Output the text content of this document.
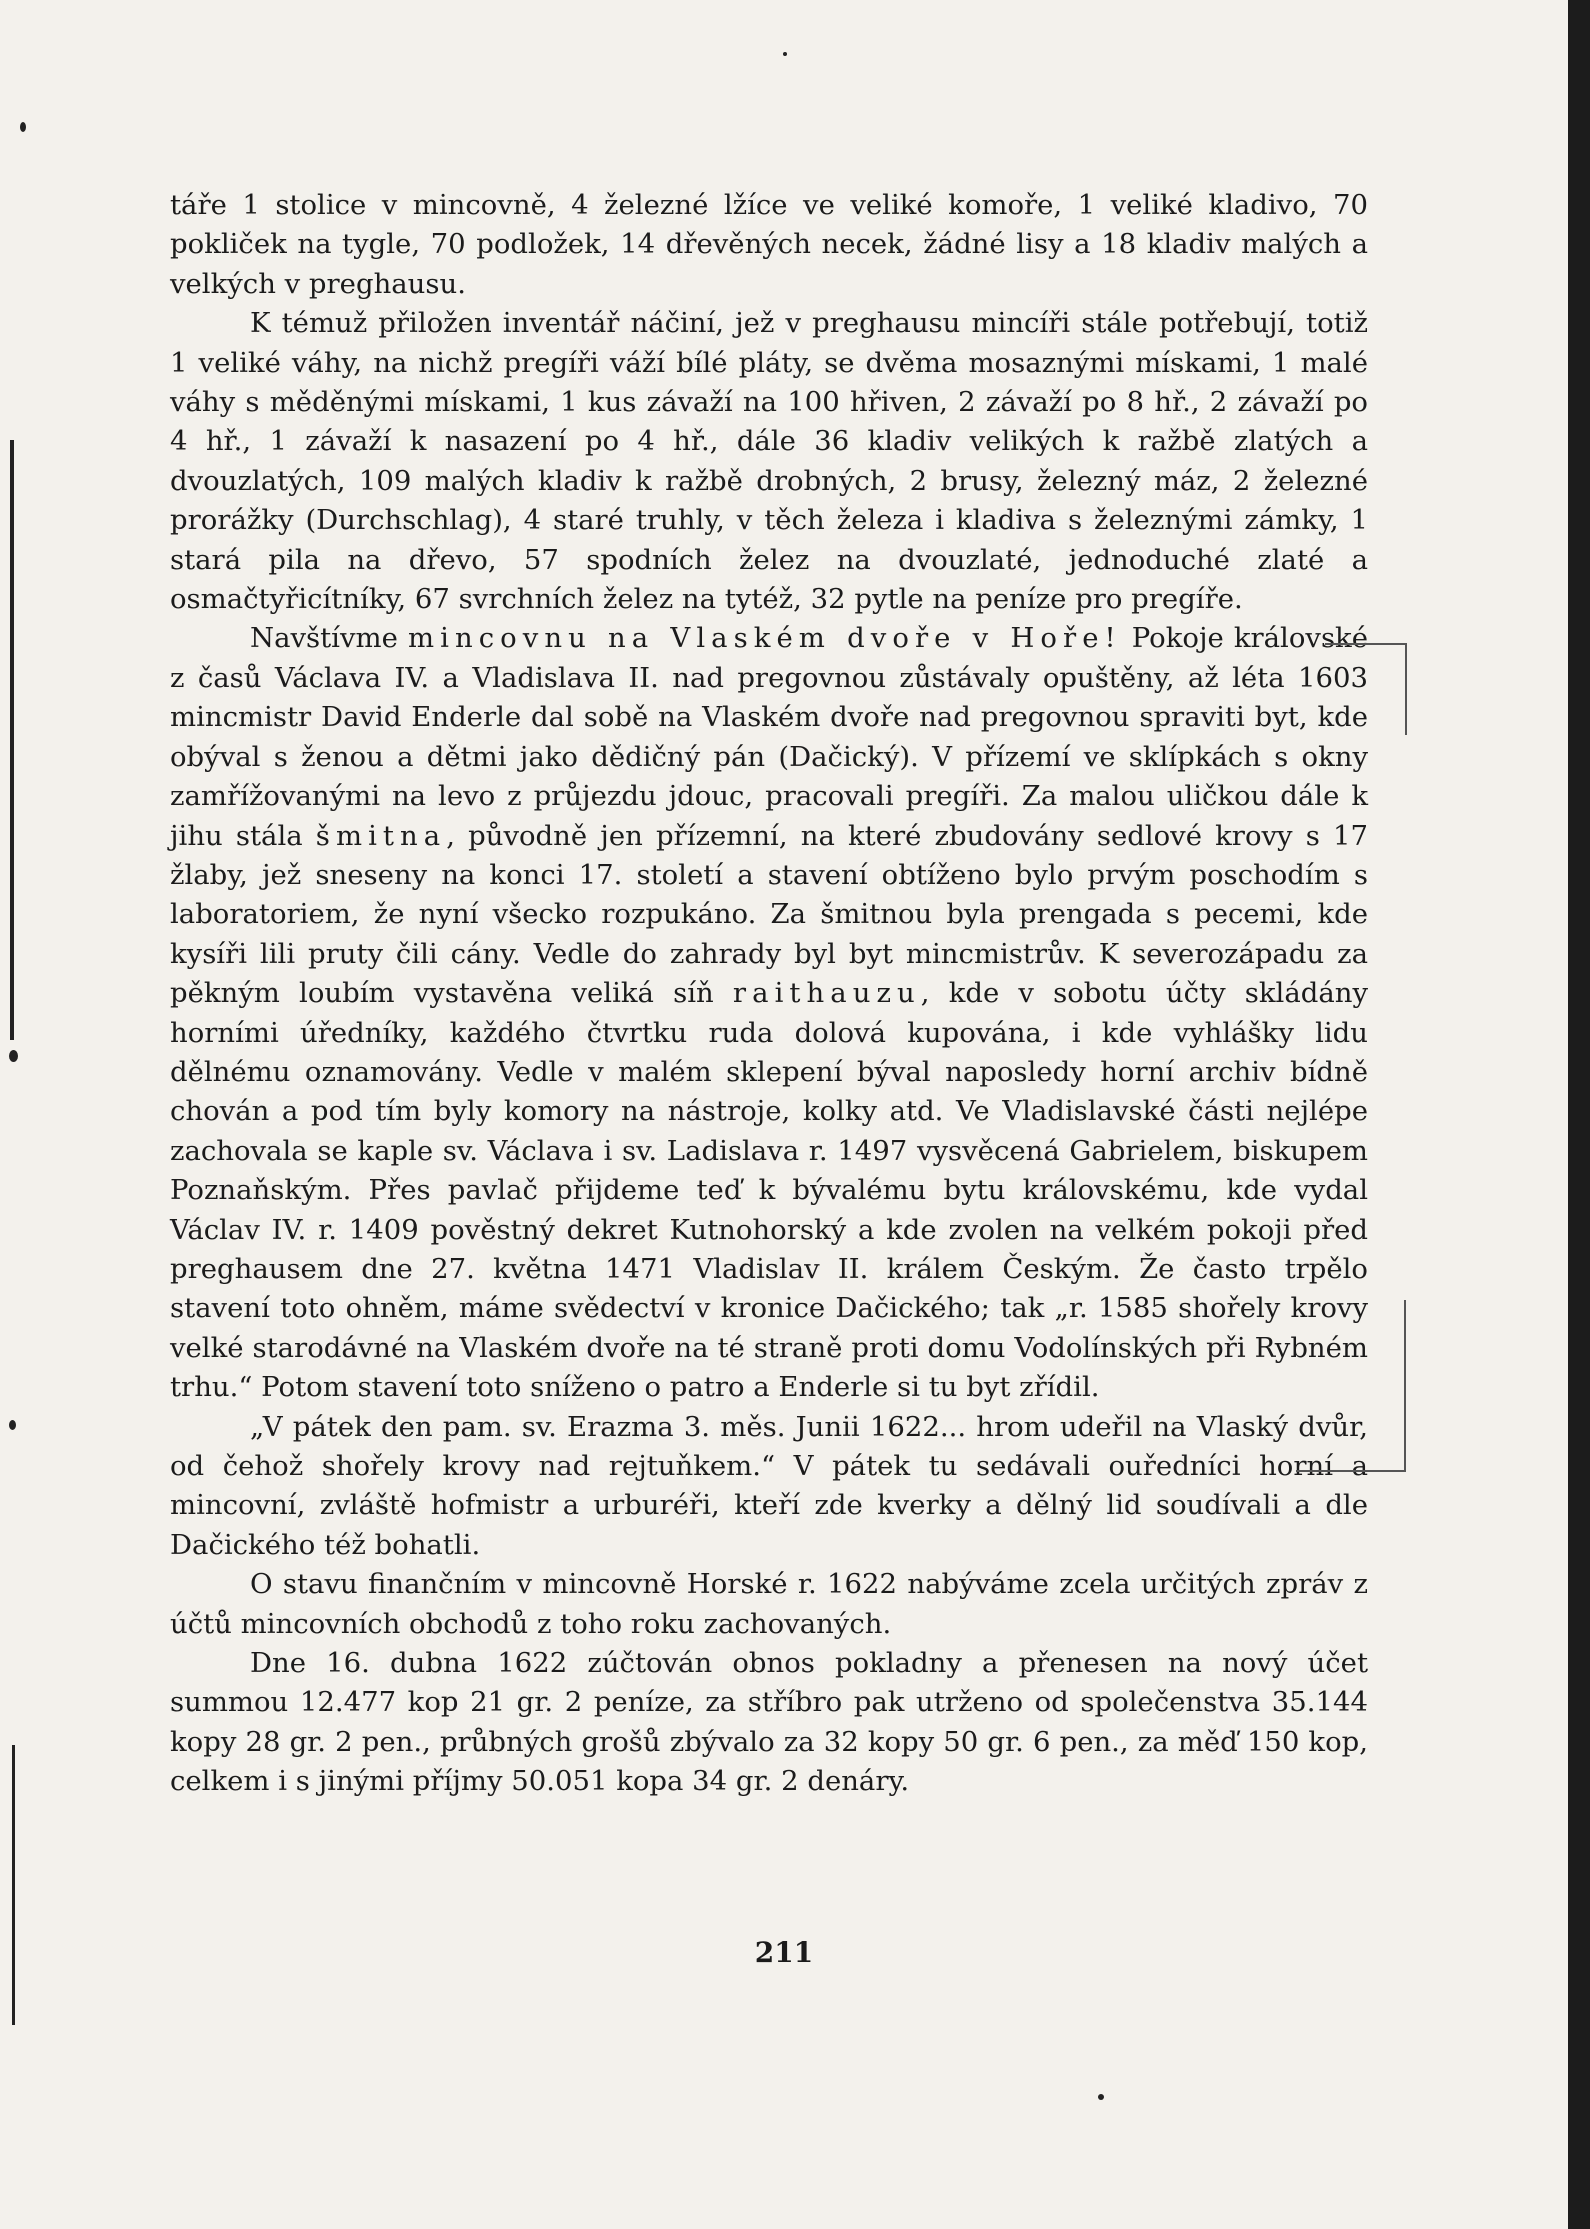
táře 1 stolice v mincovně, 4 železné lžíce ve veliké komoře, 1 veliké kladivo, 70 pokliček na tygle, 70 podložek, 14 dřevěných necek, žádné lisy a 18 kladiv malých a velkých v preghausu.

K témuž přiložen inventář náčiní, jež v preghausu mincíři stále potřebují, totiž 1 veliké váhy, na nichž pregíři váží bílé pláty, se dvěma mosaznými mískami, 1 malé váhy s měděnými mískami, 1 kus závaží na 100 hřiven, 2 závaží po 8 hř., 2 závaží po 4 hř., 1 závaží k nasazení po 4 hř., dále 36 kladiv velikých k ražbě zlatých a dvouzlatých, 109 malých kladiv k ražbě drobných, 2 brusy, železný máz, 2 železné prorážky (Durchschlag), 4 staré truhly, v těch železa i kladiva s železnými zámky, 1 stará pila na dřevo, 57 spodních želez na dvouzlaté, jednoduché zlaté a osmačtyřicítníky, 67 svrchních želez na tytéž, 32 pytle na peníze pro pregíře.

Navštívme mincovnu na Vlaském dvoře v Hoře! Pokoje královské z časů Václava IV. a Vladislava II. nad pregovnou zůstávaly opuštěny, až léta 1603 mincmistr David Enderle dal sobě na Vlaském dvoře nad pregovnou spraviti byt, kde obýval s ženou a dětmi jako dědičný pán (Dačický). V přízemí ve sklípkách s okny zamřížovanými na levo z průjezdu jdouc, pracovali pregíři. Za malou uličkou dále k jihu stála šmitna, původně jen přízemní, na které zbudovány sedlové krovy s 17 žlaby, jež sneseny na konci 17. století a stavení obtíženo bylo prvým poschodím s laboratoriem, že nyní všecko rozpukáno. Za šmitnou byla prengada s pecemi, kde kysíři lili pruty čili cány. Vedle do zahrady byl byt mincmistrův. K severozápadu za pěkným loubím vystavěna veliká síň raithauzu, kde v sobotu účty skládány horními úředníky, každého čtvrtku ruda dolová kupována, i kde vyhlášky lidu dělnému oznamovány. Vedle v malém sklepení býval naposledy horní archiv bídně chován a pod tím byly komory na nástroje, kolky atd. Ve Vladislavské části nejlépe zachovala se kaple sv. Václava i sv. Ladislava r. 1497 vysvěcená Gabrielem, biskupem Poznaňským. Přes pavlač přijdeme teď k bývalému bytu královskému, kde vydal Václav IV. r. 1409 pověstný dekret Kutnohorský a kde zvolen na velkém pokoji před preghausem dne 27. května 1471 Vladislav II. králem Českým. Že často trpělo stavení toto ohněm, máme svědectví v kronice Dačického; tak „r. 1585 shořely krovy velké starodávné na Vlaském dvoře na té straně proti domu Vodolínských při Rybném trhu.“ Potom stavení toto sníženo o patro a Enderle si tu byt zřídil.

„V pátek den pam. sv. Erazma 3. měs. Junii 1622... hrom udeřil na Vlaský dvůr, od čehož shořely krovy nad rejtuňkem.“ V pátek tu sedávali ouředníci horní a mincovní, zvláště hofmistr a urburéři, kteří zde kverky a dělný lid soudívali a dle Dačického též bohatli.

O stavu finančním v mincovně Horské r. 1622 nabýváme zcela určitých zpráv z účtů mincovních obchodů z toho roku zachovaných.

Dne 16. dubna 1622 zúčtován obnos pokladny a přenesen na nový účet summou 12.477 kop 21 gr. 2 peníze, za stříbro pak utrženo od společenstva 35.144 kopy 28 gr. 2 pen., průbných grošů zbývalo za 32 kopy 50 gr. 6 pen., za měď 150 kop, celkem i s jinými příjmy 50.051 kopa 34 gr. 2 denáry.

211
